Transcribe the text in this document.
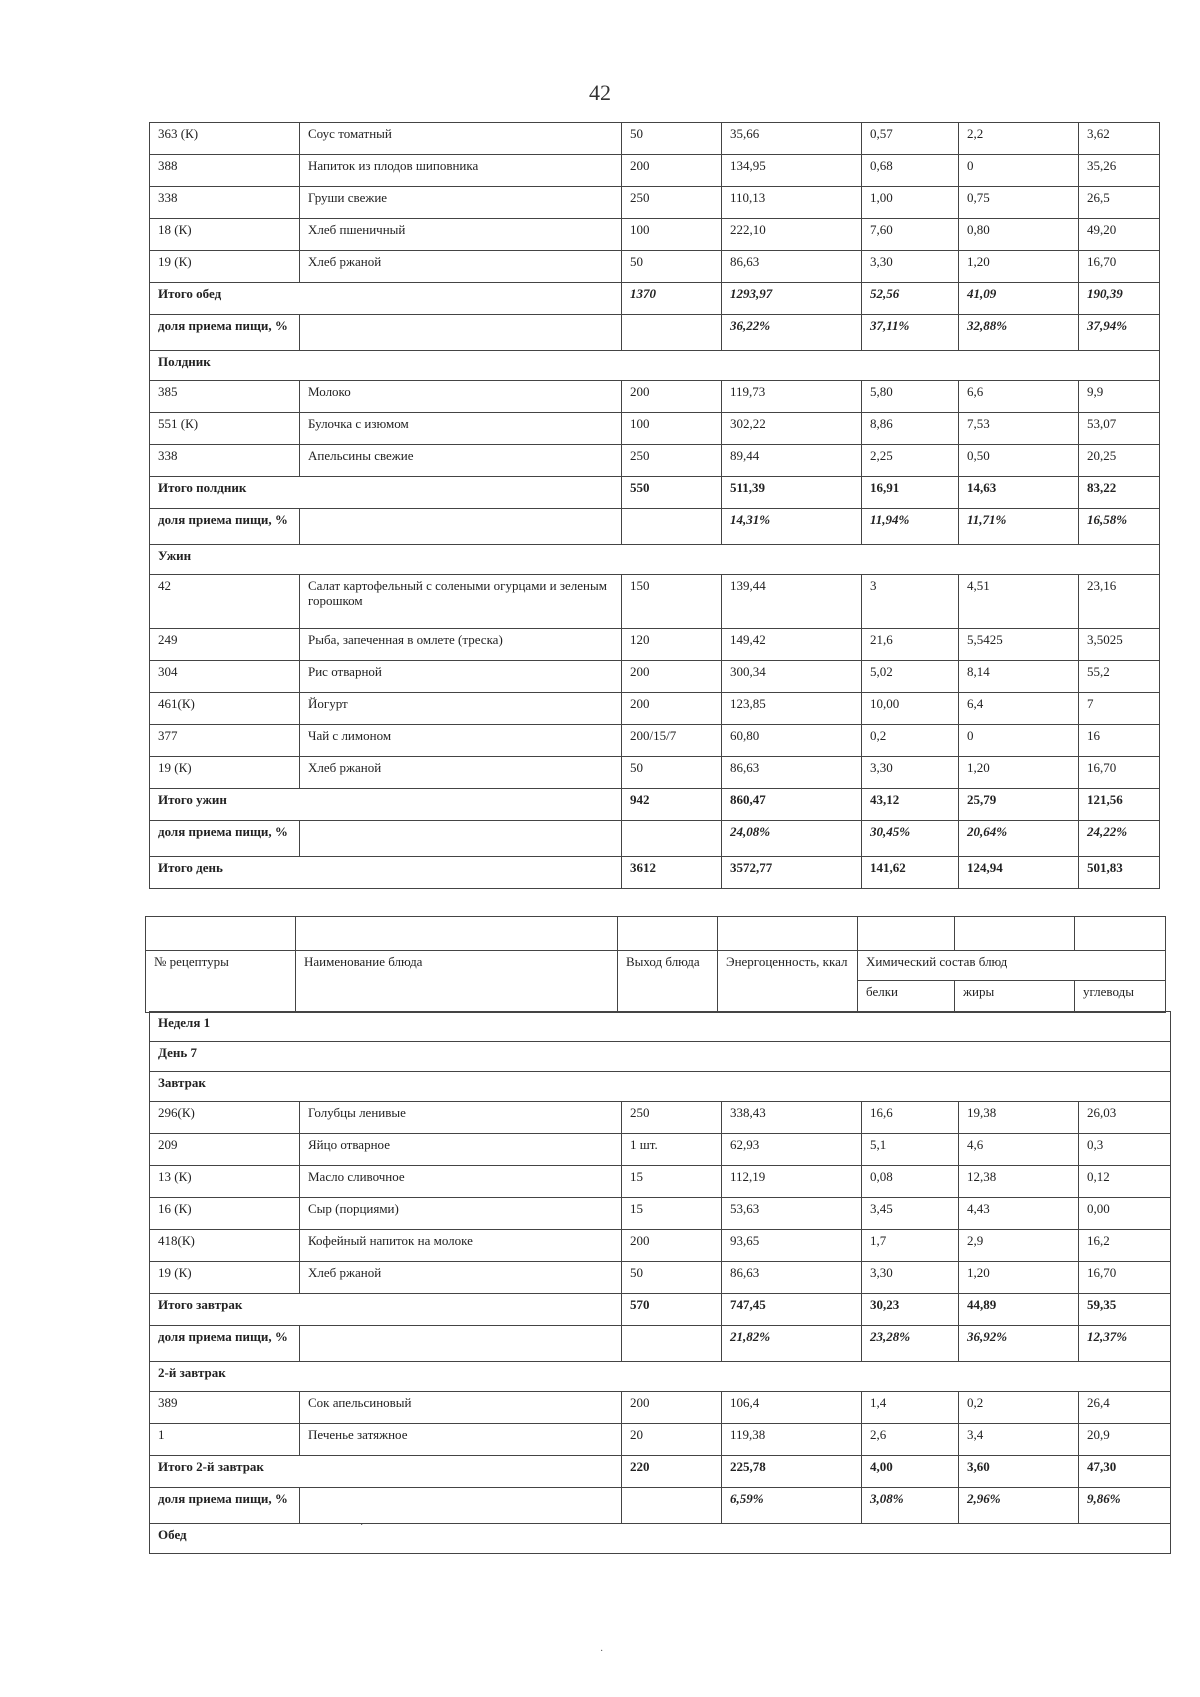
42
363 (К)	Соус томатный	50	35,66	0,57	2,2	3,62
388	Напиток из плодов шиповника	200	134,95	0,68	0	35,26
338	Груши свежие	250	110,13	1,00	0,75	26,5
18 (К)	Хлеб пшеничный	100	222,10	7,60	0,80	49,20
19 (К)	Хлеб ржаной	50	86,63	3,30	1,20	16,70
Итого обед		1370	1293,97	52,56	41,09	190,39
доля приема пищи, %			36,22%	37,11%	32,88%	37,94%
Полдник						
385	Молоко	200	119,73	5,80	6,6	9,9
551 (К)	Булочка с изюмом	100	302,22	8,86	7,53	53,07
338	Апельсины свежие	250	89,44	2,25	0,50	20,25
Итого полдник		550	511,39	16,91	14,63	83,22
доля приема пищи, %			14,31%	11,94%	11,71%	16,58%
Ужин						
42	Салат картофельный с солеными огурцами и зеленым горошком	150	139,44	3	4,51	23,16
249	Рыба, запеченная в омлете (треска)	120	149,42	21,6	5,5425	3,5025
304	Рис отварной	200	300,34	5,02	8,14	55,2
461(К)	Йогурт	200	123,85	10,00	6,4	7
377	Чай с лимоном	200/15/7	60,80	0,2	0	16
19 (К)	Хлеб ржаной	50	86,63	3,30	1,20	16,70
Итого ужин		942	860,47	43,12	25,79	121,56
доля приема пищи, %			24,08%	30,45%	20,64%	24,22%
Итого день		3612	3572,77	141,62	124,94	501,83

№ рецептуры	Наименование блюда	Выход блюда	Энергоценность, ккал	Химический состав блюд		
				белки	жиры	углеводы
Неделя 1						
День 7						
Завтрак						
296(К)	Голубцы ленивые	250	338,43	16,6	19,38	26,03
209	Яйцо отварное	1 шт.	62,93	5,1	4,6	0,3
13 (К)	Масло сливочное	15	112,19	0,08	12,38	0,12
16 (К)	Сыр (порциями)	15	53,63	3,45	4,43	0,00
418(К)	Кофейный напиток на молоке	200	93,65	1,7	2,9	16,2
19 (К)	Хлеб ржаной	50	86,63	3,30	1,20	16,70
Итого завтрак		570	747,45	30,23	44,89	59,35
доля приема пищи, %			21,82%	23,28%	36,92%	12,37%
2-й завтрак						
389	Сок апельсиновый	200	106,4	1,4	0,2	26,4
1	Печенье затяжное	20	119,38	2,6	3,4	20,9
Итого 2-й завтрак		220	225,78	4,00	3,60	47,30
доля приема пищи, %			6,59%	3,08%	2,96%	9,86%
Обед						
·
·
